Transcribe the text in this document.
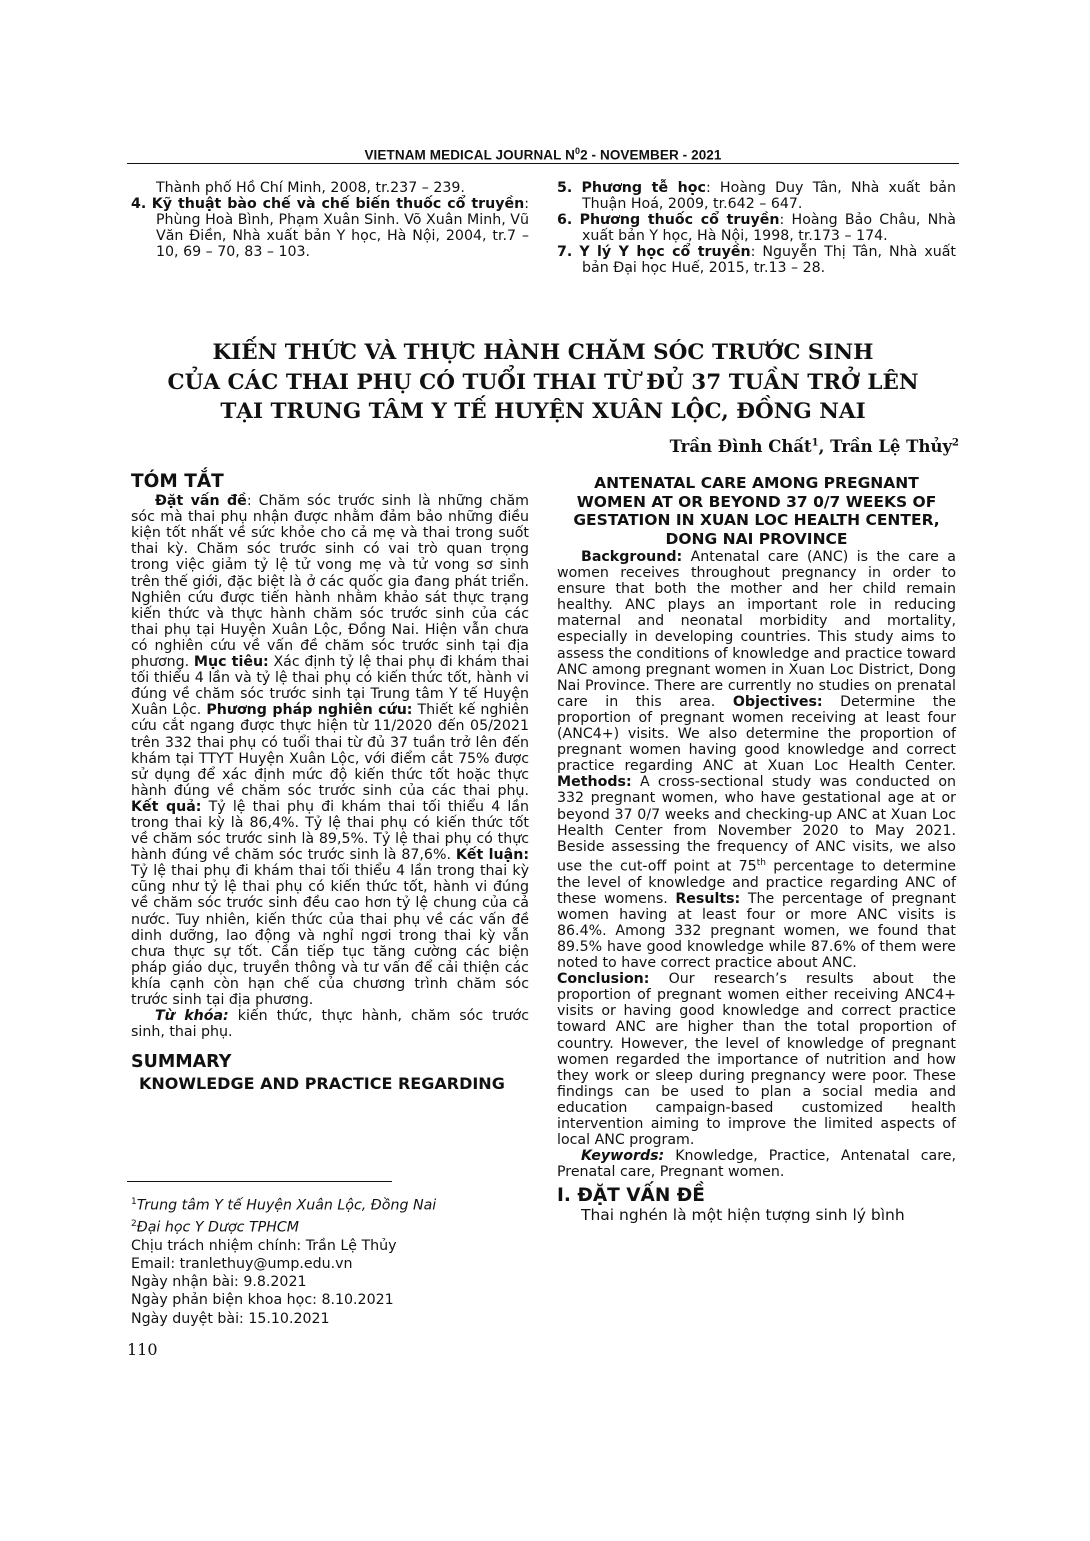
VIETNAM MEDICAL JOURNAL $N^02$ - NOVEMBER - 2021

Thành phố Hồ Chí Minh, 2008, tr.237 – 239.

4. Kỹ thuật bào chế và chế biến thuốc cổ truyền: Phùng Hoà Bình, Phạm Xuân Sinh. Võ Xuân Minh, Vũ Văn Điền, Nhà xuất bản Y học, Hà Nội, 2004, tr.7 – 10, 69 – 70, 83 – 103.

5. Phương tễ học: Hoàng Duy Tân, Nhà xuất bản Thuận Hoá, 2009, tr.642 – 647.

6. Phương thuốc cổ truyền: Hoàng Bảo Châu, Nhà xuất bản Y học, Hà Nội, 1998, tr.173 – 174.

7. Y lý Y học cổ truyền: Nguyễn Thị Tân, Nhà xuất bản Đại học Huế, 2015, tr.13 – 28.

KIẾN THỨC VÀ THỰC HÀNH CHĂM SÓC TRƯỚC SINH
CỦA CÁC THAI PHỤ CÓ TUỔI THAI TỪ ĐỦ 37 TUẦN TRỞ LÊN
TẠI TRUNG TÂM Y TẾ HUYỆN XUÂN LỘC, ĐỒNG NAI
Trần Đình Chất$^1$, Trần Lệ Thủy$^2$
TÓM TẮT

Đặt vấn đề: Chăm sóc trước sinh là những chăm sóc mà thai phụ nhận được nhằm đảm bảo những điều kiện tốt nhất về sức khỏe cho cả mẹ và thai trong suốt thai kỳ. Chăm sóc trước sinh có vai trò quan trọng trong việc giảm tỷ lệ tử vong mẹ và tử vong sơ sinh trên thế giới, đặc biệt là ở các quốc gia đang phát triển. Nghiên cứu được tiến hành nhằm khảo sát thực trạng kiến thức và thực hành chăm sóc trước sinh của các thai phụ tại Huyện Xuân Lộc, Đồng Nai. Hiện vẫn chưa có nghiên cứu về vấn đề chăm sóc trước sinh tại địa phương. Mục tiêu: Xác định tỷ lệ thai phụ đi khám thai tối thiểu 4 lần và tỷ lệ thai phụ có kiến thức tốt, hành vi đúng về chăm sóc trước sinh tại Trung tâm Y tế Huyện Xuân Lộc. Phương pháp nghiên cứu: Thiết kế nghiên cứu cắt ngang được thực hiện từ 11/2020 đến 05/2021 trên 332 thai phụ có tuổi thai từ đủ 37 tuần trở lên đến khám tại TTYT Huyện Xuân Lộc, với điểm cắt 75% được sử dụng để xác định mức độ kiến thức tốt hoặc thực hành đúng về chăm sóc trước sinh của các thai phụ. Kết quả: Tỷ lệ thai phụ đi khám thai tối thiểu 4 lần trong thai kỳ là 86,4%. Tỷ lệ thai phụ có kiến thức tốt về chăm sóc trước sinh là 89,5%. Tỷ lệ thai phụ có thực hành đúng về chăm sóc trước sinh là 87,6%. Kết luận: Tỷ lệ thai phụ đi khám thai tối thiểu 4 lần trong thai kỳ cũng như tỷ lệ thai phụ có kiến thức tốt, hành vi đúng về chăm sóc trước sinh đều cao hơn tỷ lệ chung của cả nước. Tuy nhiên, kiến thức của thai phụ về các vấn đề dinh dưỡng, lao động và nghỉ ngơi trong thai kỳ vẫn chưa thực sự tốt. Cần tiếp tục tăng cường các biện pháp giáo dục, truyền thông và tư vấn để cải thiện các khía cạnh còn hạn chế của chương trình chăm sóc trước sinh tại địa phương.

Từ khóa: kiến thức, thực hành, chăm sóc trước sinh, thai phụ.

SUMMARY
KNOWLEDGE AND PRACTICE REGARDING
$^1$Trung tâm Y tế Huyện Xuân Lộc, Đồng Nai
$^2$Đại học Y Dược TPHCM
Chịu trách nhiệm chính: Trần Lệ Thủy
Email: tranlethuy@ump.edu.vn
Ngày nhận bài: 9.8.2021
Ngày phản biện khoa học: 8.10.2021
Ngày duyệt bài: 15.10.2021
110
ANTENATAL CARE AMONG PREGNANT WOMEN AT OR BEYOND 37 0/7 WEEKS OF GESTATION IN XUAN LOC HEALTH CENTER, DONG NAI PROVINCE

Background: Antenatal care (ANC) is the care a women receives throughout pregnancy in order to ensure that both the mother and her child remain healthy. ANC plays an important role in reducing maternal and neonatal morbidity and mortality, especially in developing countries. This study aims to assess the conditions of knowledge and practice toward ANC among pregnant women in Xuan Loc District, Dong Nai Province. There are currently no studies on prenatal care in this area. Objectives: Determine the proportion of pregnant women receiving at least four (ANC4+) visits. We also determine the proportion of pregnant women having good knowledge and correct practice regarding ANC at Xuan Loc Health Center. Methods: A cross-sectional study was conducted on 332 pregnant women, who have gestational age at or beyond 37 0/7 weeks and checking-up ANC at Xuan Loc Health Center from November 2020 to May 2021. Beside assessing the frequency of ANC visits, we also use the cut-off point at 75th percentage to determine the level of knowledge and practice regarding ANC of these womens. Results: The percentage of pregnant women having at least four or more ANC visits is 86.4%. Among 332 pregnant women, we found that 89.5% have good knowledge while 87.6% of them were noted to have correct practice about ANC.
Conclusion: Our research’s results about the proportion of pregnant women either receiving ANC4+ visits or having good knowledge and correct practice toward ANC are higher than the total proportion of country. However, the level of knowledge of pregnant women regarded the importance of nutrition and how they work or sleep during pregnancy were poor. These findings can be used to plan a social media and education campaign-based customized health intervention aiming to improve the limited aspects of local ANC program.

Keywords: Knowledge, Practice, Antenatal care, Prenatal care, Pregnant women.

I. ĐẶT VẤN ĐỀ

Thai nghén là một hiện tượng sinh lý bình
